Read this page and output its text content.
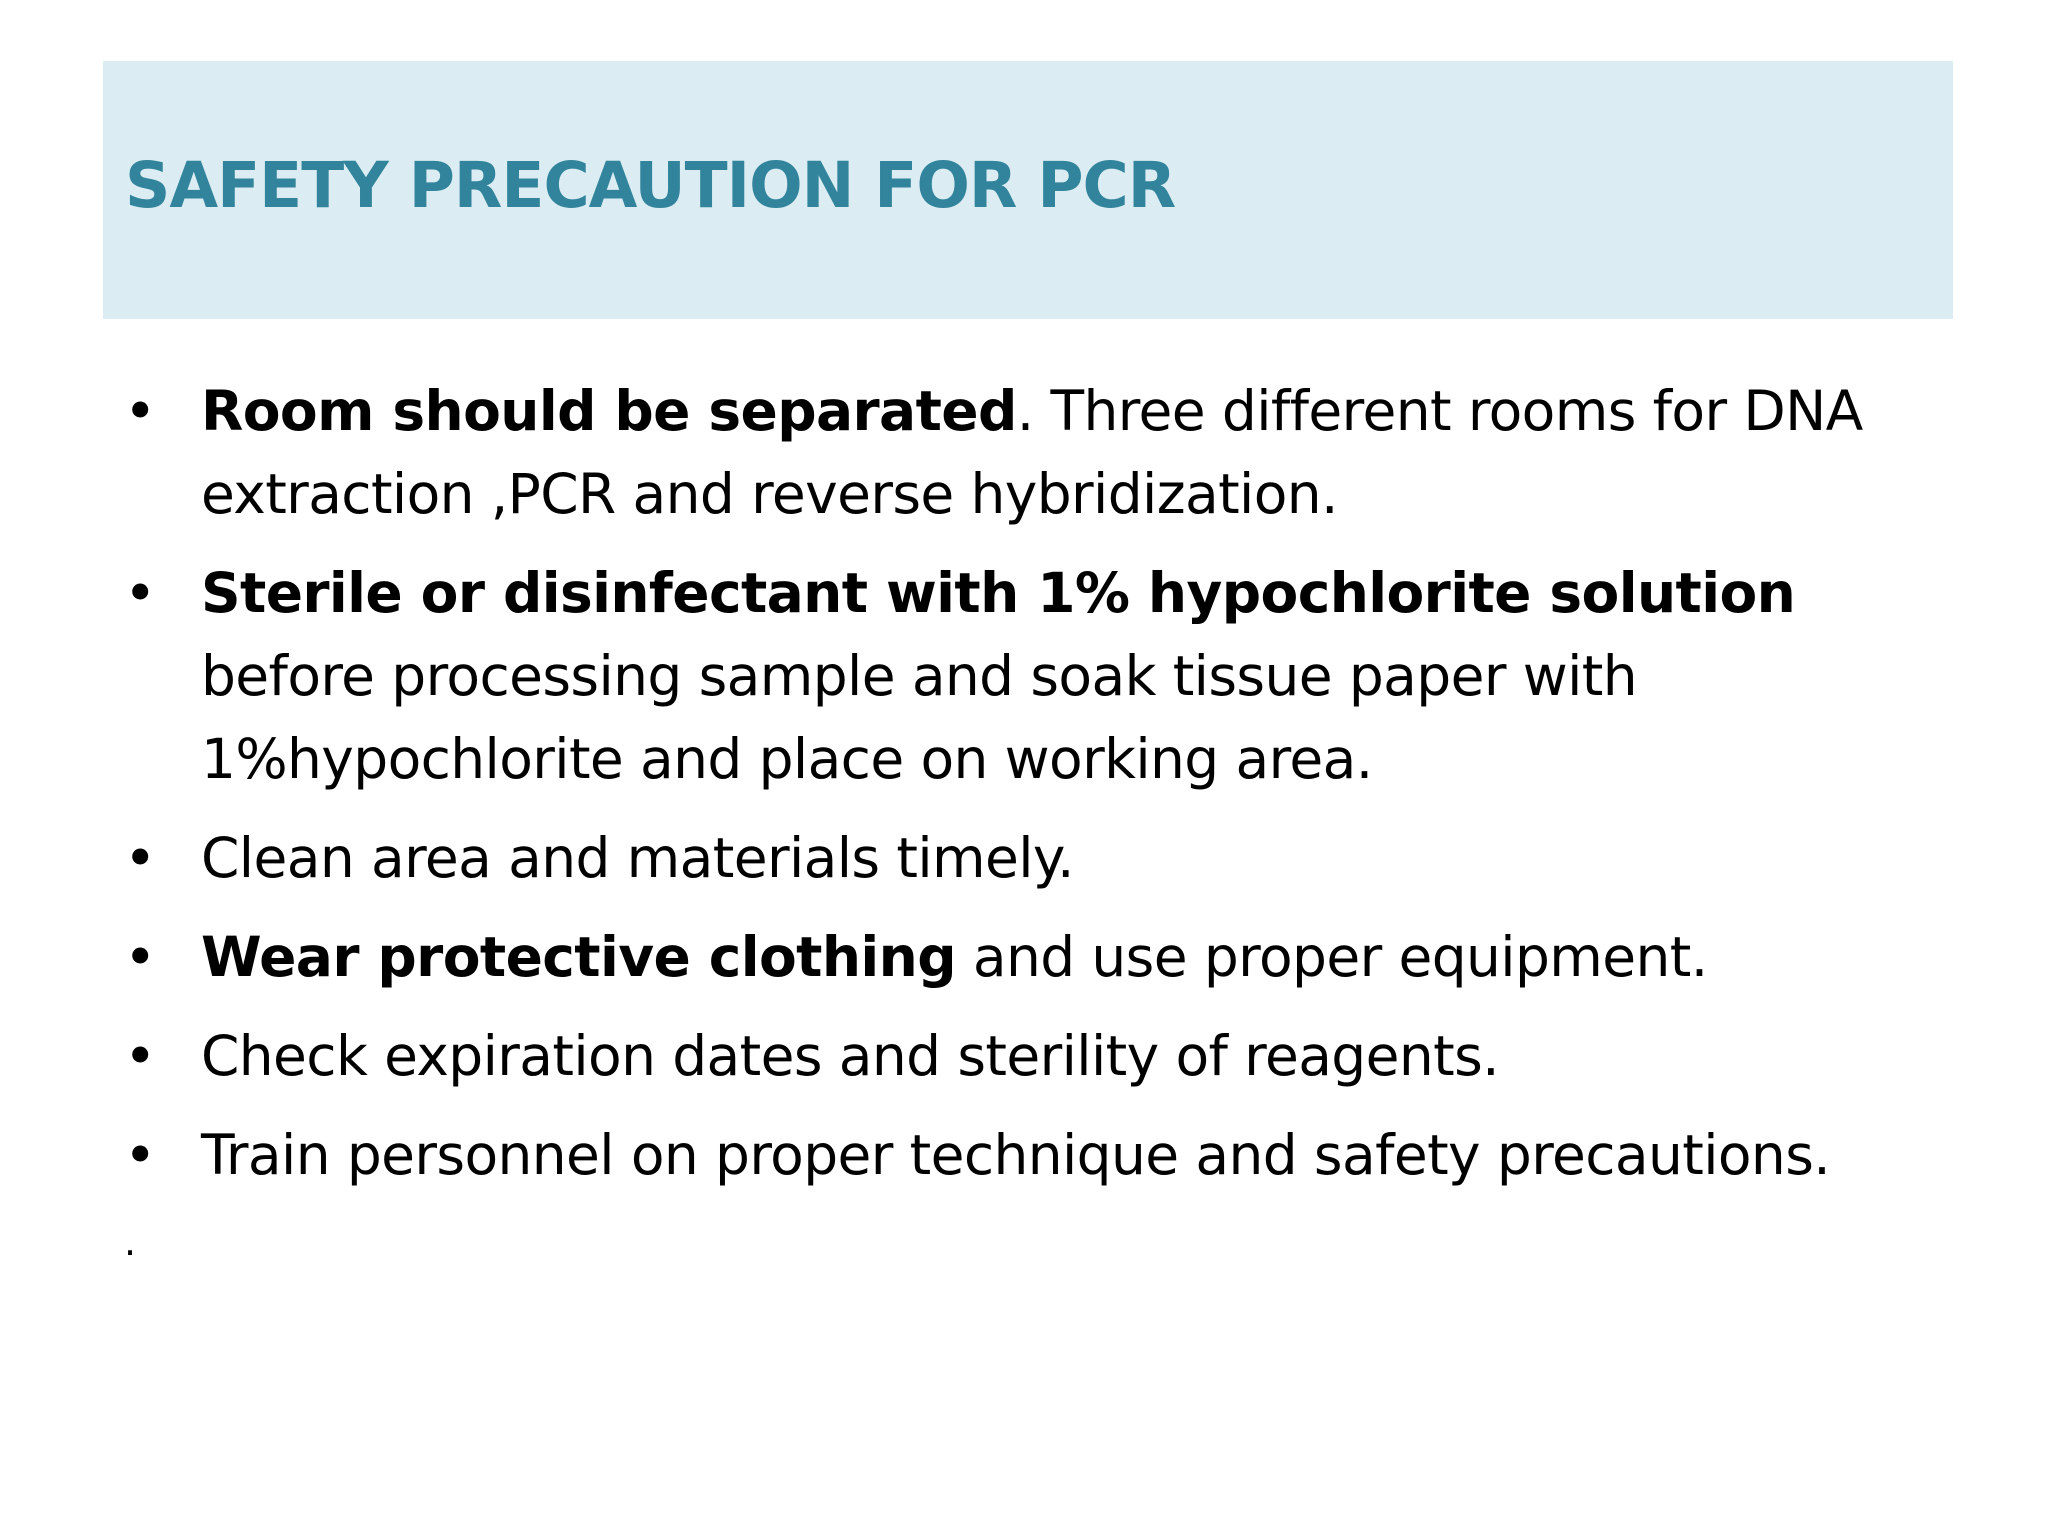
SAFETY PRECAUTION FOR PCR
• Room should be separated. Three different rooms for DNA extraction ,PCR and reverse hybridization.
• Sterile or disinfectant with 1% hypochlorite solution before processing sample and soak tissue paper with 1%hypochlorite and place on working area.
• Clean area and materials timely.
• Wear protective clothing and use proper equipment.
• Check expiration dates and sterility of reagents.
• Train personnel on proper technique and safety precautions.
.
